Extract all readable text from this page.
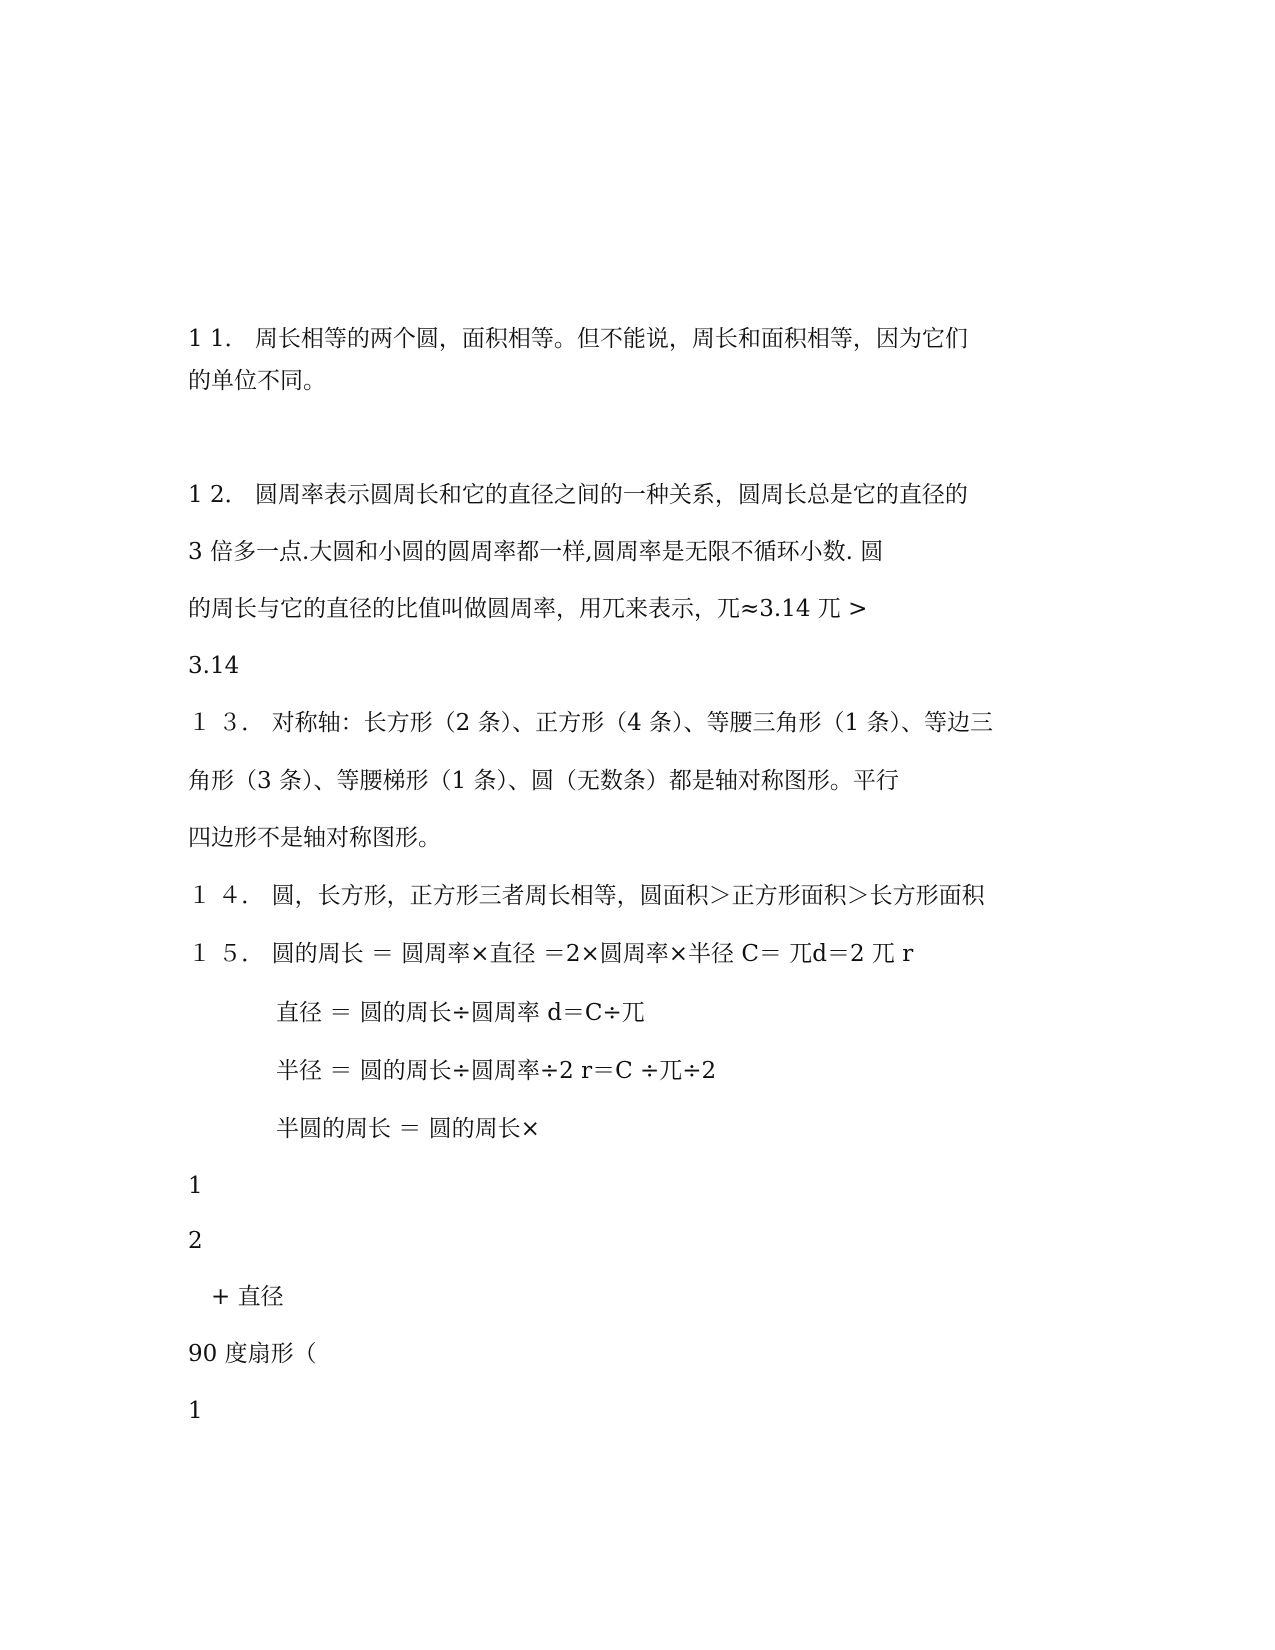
1 1． 周长相等的两个圆，面积相等。但不能说，周长和面积相等，因为它们
的单位不同。
1 2． 圆周率表示圆周长和它的直径之间的一种关系，圆周长总是它的直径的
3 倍多一点.大圆和小圆的圆周率都一样,圆周率是无限不循环小数. 圆
的周长与它的直径的比值叫做圆周率，用兀来表示，兀≈3.14 兀 >
3.14
１ ３． 对称轴：长方形（2 条）、正方形（4 条）、等腰三角形（1 条）、等边三
角形（3 条）、等腰梯形（1 条）、圆（无数条）都是轴对称图形。平行
四边形不是轴对称图形。
１ ４． 圆，长方形，正方形三者周长相等，圆面积＞正方形面积＞长方形面积
１ ５． 圆的周长 ＝ 圆周率×直径 ＝2×圆周率×半径 C＝ 兀d＝2 兀 r
直径 ＝ 圆的周长÷圆周率 d＝C÷兀
半径 ＝ 圆的周长÷圆周率÷2 r＝C ÷兀÷2
半圆的周长 ＝ 圆的周长×
1
2
+ 直径
90 度扇形（
1
